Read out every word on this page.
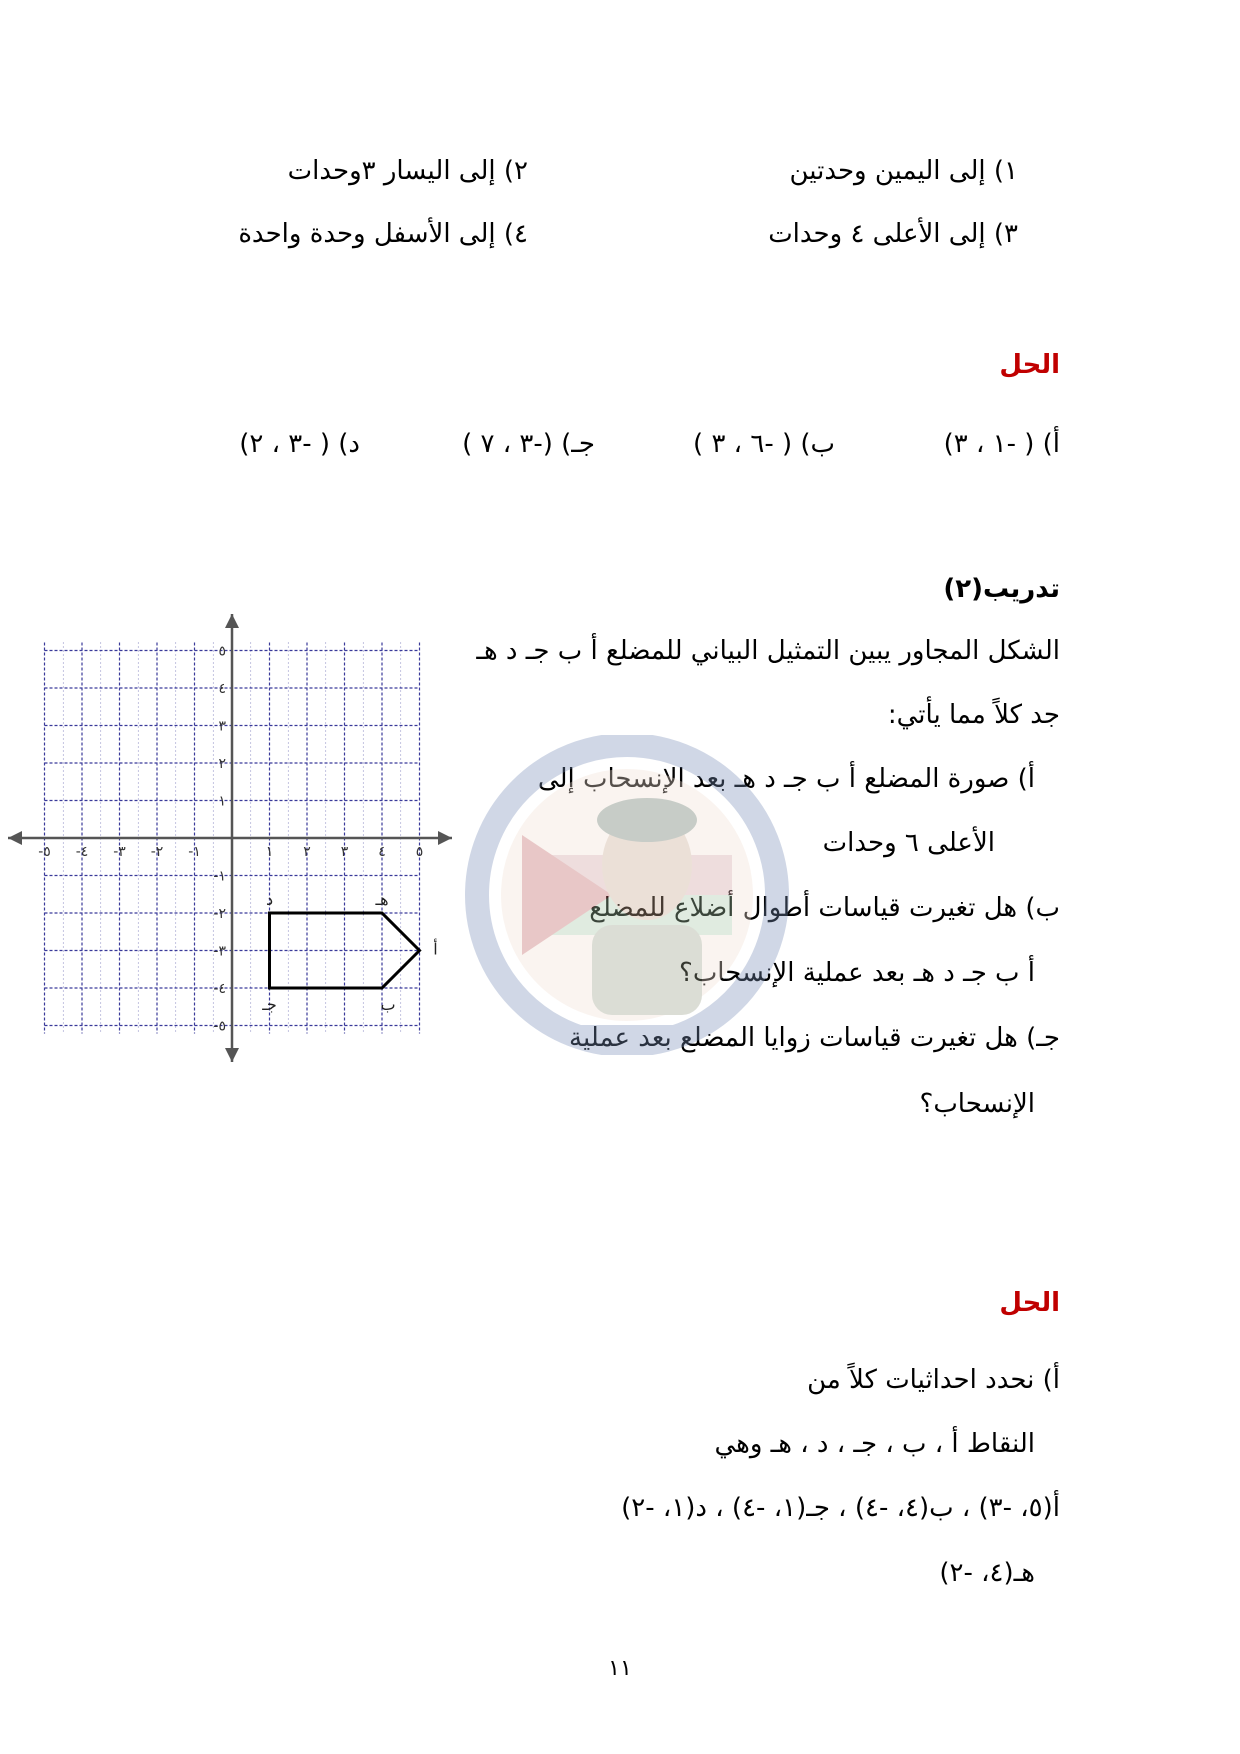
١) إلى اليمين وحدتين
٢) إلى اليسار ٣وحدات
٣) إلى الأعلى ٤ وحدات
٤) إلى الأسفل وحدة واحدة
الحل
أ) ( -١ ، ٣)
ب) ( -٦ ، ٣ )
جـ) (-٣ ، ٧ )
د) ( -٣ ، ٢)
تدريب(٢)
الشكل المجاور يبين التمثيل البياني للمضلع أ ب جـ د هـ
جد كلاً مما يأتي:
أ) صورة المضلع أ ب جـ د هـ بعد الإنسحاب إلى
الأعلى ٦ وحدات
ب) هل تغيرت قياسات أطوال أضلاع للمضلع
أ ب جـ د هـ بعد عملية الإنسحاب؟
جـ) هل تغيرت قياسات زوايا المضلع بعد عملية
الإنسحاب؟
١ ٢ ٣ ٤ ٥
-١
-٢
-٣
-٤
-٥
١
٢
٣
٤
٥
-١
-٢
-٣
-٤
-٥
أ
ب
جـ
د	هـ
الحل
أ) نحدد احداثيات كلاً من
النقاط أ ، ب ، جـ ، د ، هـ وهي
أ(٥، -٣) ، ب(٤، -٤) ، جـ(١، -٤) ، د(١، -٢)
هـ(٤، -٢)
١١
